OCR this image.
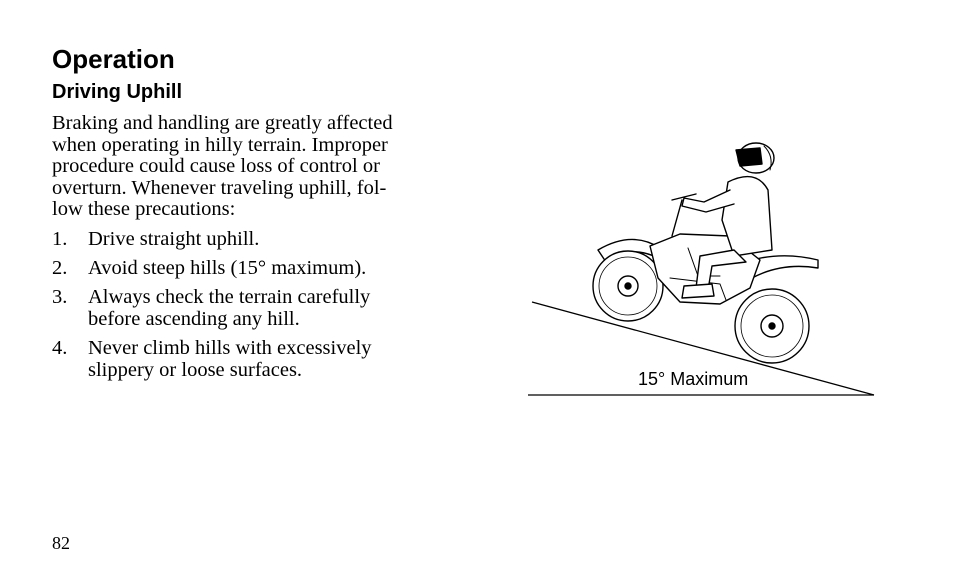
Operation
Driving Uphill

Braking and handling are greatly affected
when operating in hilly terrain. Improper
procedure could cause loss of control or
overturn. Whenever traveling uphill, fol-
low these precautions:

1. Drive straight uphill.
2. Avoid steep hills (15° maximum).
3. Always check the terrain carefully
before ascending any hill.
4. Never climb hills with excessively
slippery or loose surfaces.	15° Maximum
82
